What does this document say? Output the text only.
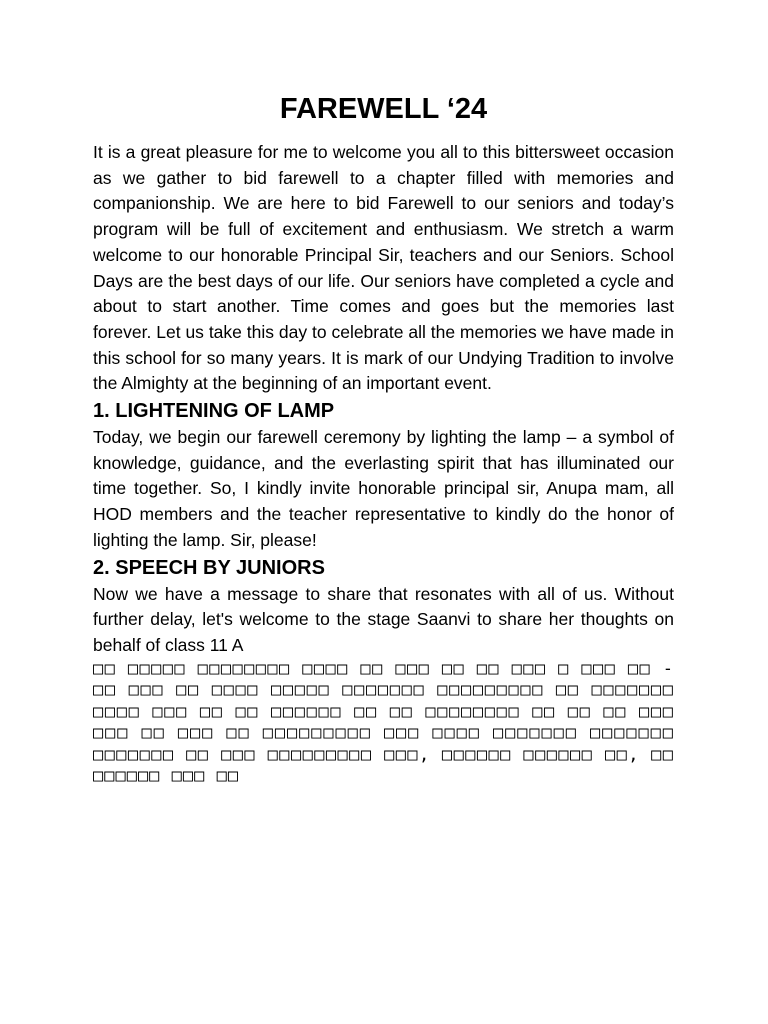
FAREWELL ‘24

It is a great pleasure for me to welcome you all to this bittersweet occasion as we gather to bid farewell to a chapter filled with memories and companionship. We are here to bid Farewell to our seniors and today’s program will be full of excitement and enthusiasm. We stretch a warm welcome to our honorable Principal Sir, teachers and our Seniors. School Days are the best days of our life. Our seniors have completed a cycle and about to start another. Time comes and goes but the memories last forever. Let us take this day to celebrate all the memories we have made in this school for so many years. It is mark of our Undying Tradition to involve the Almighty at the beginning of an important event.

1. LIGHTENING OF LAMP

Today, we begin our farewell ceremony by lighting the lamp – a symbol of knowledge, guidance, and the everlasting spirit that has illuminated our time together. So, I kindly invite honorable principal sir, Anupa mam, all HOD members and the teacher representative to kindly do the honor of lighting the lamp. Sir, please!

2. SPEECH BY JUNIORS

Now we have a message to share that resonates with all of us. Without further delay, let's welcome to the stage Saanvi to share her thoughts on behalf of class 11 A

□□ □□□□□ □□□□□□□□ □□□□ □□ □□□ □□ □□ □□□ □ □□□ □□ - □□ □□□ □□ □□□□ □□□□□ □□□□□□□ □□□□□□□□□ □□ □□□□□□□ □□□□ □□□ □□ □□ □□□□□□ □□ □□ □□□□□□□□ □□ □□ □□ □□□ □□□ □□ □□□ □□ □□□□□□□□□ □□□ □□□□ □□□□□□□ □□□□□□□ □□□□□□□ □□ □□□ □□□□□□□□□ □□□, □□□□□□ □□□□□□ □□, □□ □□□□□□ □□□ □□
